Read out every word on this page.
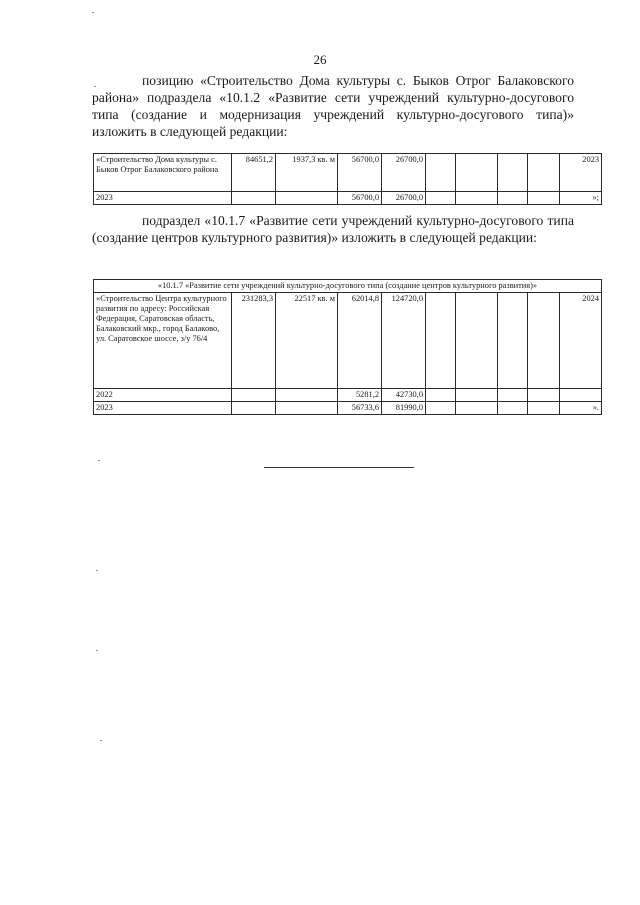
26

позицию «Строительство Дома культуры с. Быков Отрог Балаковского района» подраздела «10.1.2 «Развитие сети учреждений культурно-досугового типа (создание и модернизация учреждений культурно-досугового типа)» изложить в следующей редакции:

«Строительство Дома культуры с. Быков Отрог Балаковского района	84651,2	1937,3 кв. м	56700,0	26700,0					2023
2023			56700,0	26700,0					»;

подраздел «10.1.7 «Развитие сети учреждений культурно-досугового типа (создание центров культурного развития)» изложить в следующей редакции:

«10.1.7 «Развитие сети учреждений культурно-досугового типа (создание центров культурного развития)»									
«Строительство Центра культурного развития по адресу: Российская Федерация, Саратовская область, Балаковский мкр., город Балаково, ул. Саратовское шоссе, з/у 76/4	231283,3	22517 кв. м	62014,8	124720,0					2024
2022			5281,2	42730,0					
2023			56733,6	81990,0					».
